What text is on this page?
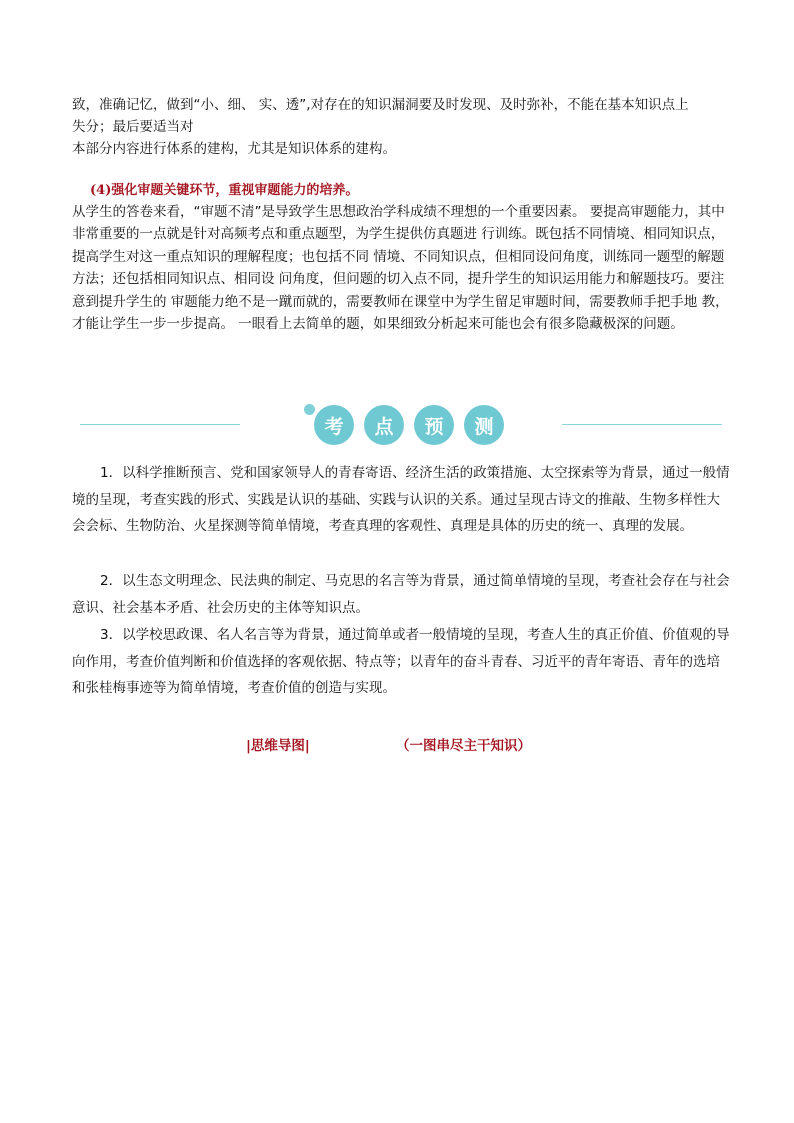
致，准确记忆，做到“小、细、 实、透”,对存在的知识漏洞要及时发现、及时弥补，不能在基本知识点上

失分；最后要适当对

本部分内容进行体系的建构，尤其是知识体系的建构。

(4)强化审题关键环节，重视审题能力的培养。

从学生的答卷来看，“审题不清”是导致学生思想政治学科成绩不理想的一个重要因素。 要提高审题能力，其中非常重要的一点就是针对高频考点和重点题型，为学生提供仿真题进 行训练。既包括不同情境、相同知识点，提高学生对这一重点知识的理解程度；也包括不同 情境、不同知识点，但相同设问角度，训练同一题型的解题方法；还包括相同知识点、相同设 问角度，但问题的切入点不同，提升学生的知识运用能力和解题技巧。要注意到提升学生的 审题能力绝不是一蹴而就的，需要教师在课堂中为学生留足审题时间，需要教师手把手地 教，才能让学生一步一步提高。 一眼看上去简单的题，如果细致分析起来可能也会有很多隐藏极深的问题。

考	点	预	测

1．以科学推断预言、党和国家领导人的青春寄语、经济生活的政策措施、太空探索等为背景，通过一般情境的呈现，考查实践的形式、实践是认识的基础、实践与认识的关系。通过呈现古诗文的推敲、生物多样性大会会标、生物防治、火星探测等简单情境，考查真理的客观性、真理是具体的历史的统一、真理的发展。

2．以生态文明理念、民法典的制定、马克思的名言等为背景，通过简单情境的呈现，考查社会存在与社会意识、社会基本矛盾、社会历史的主体等知识点。

3．以学校思政课、名人名言等为背景，通过简单或者一般情境的呈现，考查人生的真正价值、价值观的导向作用，考查价值判断和价值选择的客观依据、特点等；以青年的奋斗青春、习近平的青年寄语、青年的选培和张桂梅事迹等为简单情境，考查价值的创造与实现。

|思维导图|	（一图串尽主干知识）
